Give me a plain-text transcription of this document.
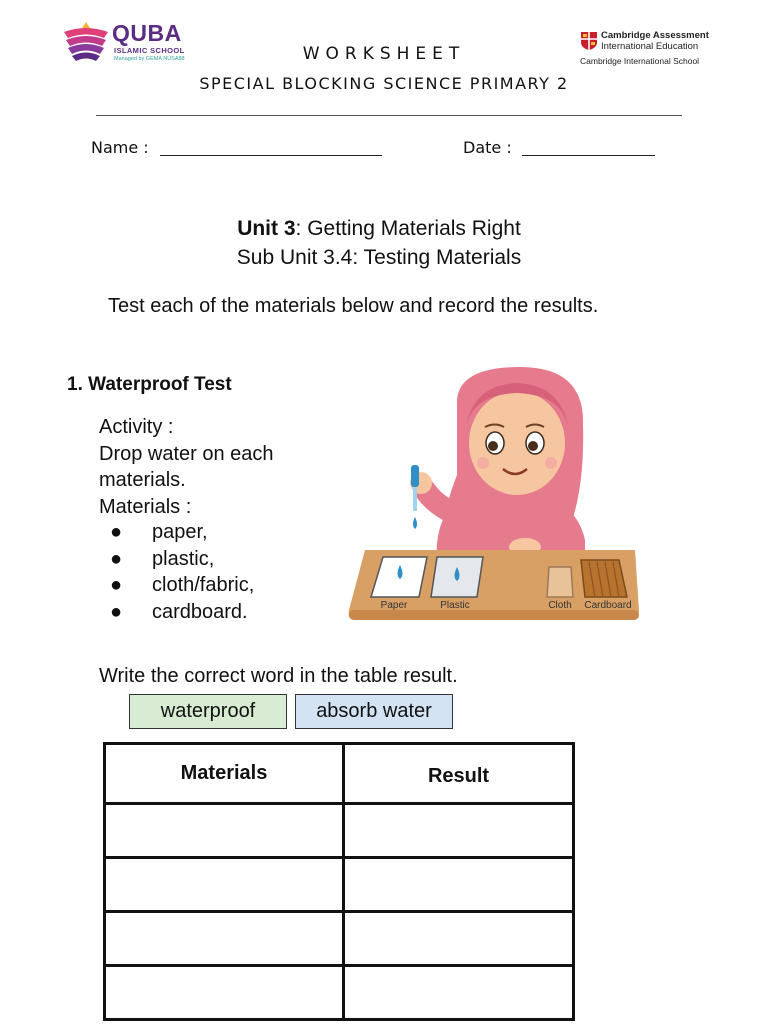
QUBA
ISLAMIC SCHOOL
Managed by GEMA NUSA88
Cambridge Assessment
International Education
Cambridge International School
WORKSHEET
SPECIAL BLOCKING SCIENCE PRIMARY 2
Name :	Date :
Unit 3: Getting Materials Right
Sub Unit 3.4: Testing Materials
Test each of the materials below and record the results.
1. Waterproof Test
Activity :
Drop water on each
materials.
Materials :
● paper,
● plastic,
● cloth/fabric,
● cardboard.	Paper	Plastic	Cloth Cardboard
Write the correct word in the table result.
waterproof	absorb water
Materials	Result
